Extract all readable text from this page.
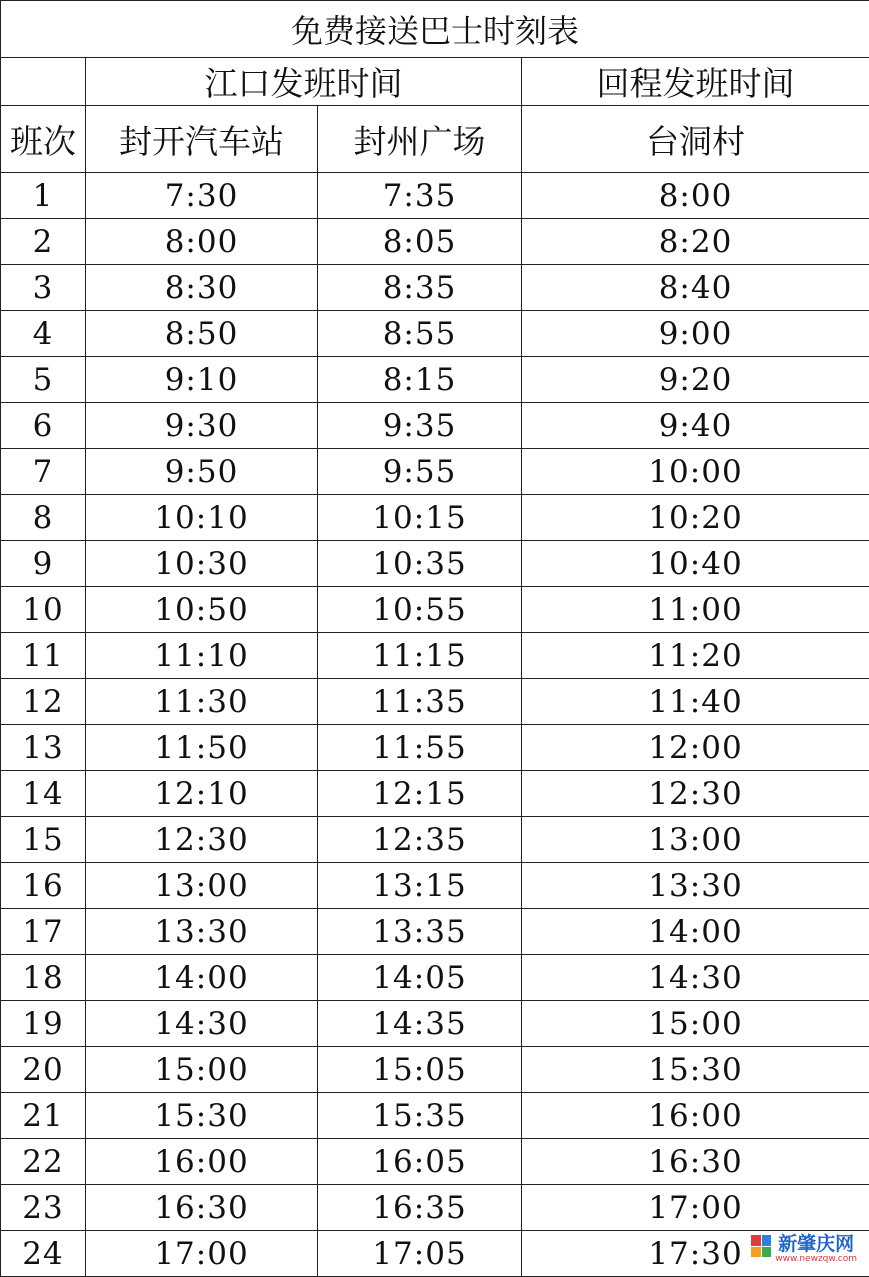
免费接送巴士时刻表			
	江口发班时间		回程发班时间
班次	封开汽车站	封州广场	台洞村
1	7:30	7:35	8:00
2	8:00	8:05	8:20
3	8:30	8:35	8:40
4	8:50	8:55	9:00
5	9:10	8:15	9:20
6	9:30	9:35	9:40
7	9:50	9:55	10:00
8	10:10	10:15	10:20
9	10:30	10:35	10:40
10	10:50	10:55	11:00
11	11:10	11:15	11:20
12	11:30	11:35	11:40
13	11:50	11:55	12:00
14	12:10	12:15	12:30
15	12:30	12:35	13:00
16	13:00	13:15	13:30
17	13:30	13:35	14:00
18	14:00	14:05	14:30
19	14:30	14:35	15:00
20	15:00	15:05	15:30
21	15:30	15:35	16:00
22	16:00	16:05	16:30
23	16:30	16:35	17:00
24	17:00	17:05	17:30 新肇庆网
www.newzqw.com
